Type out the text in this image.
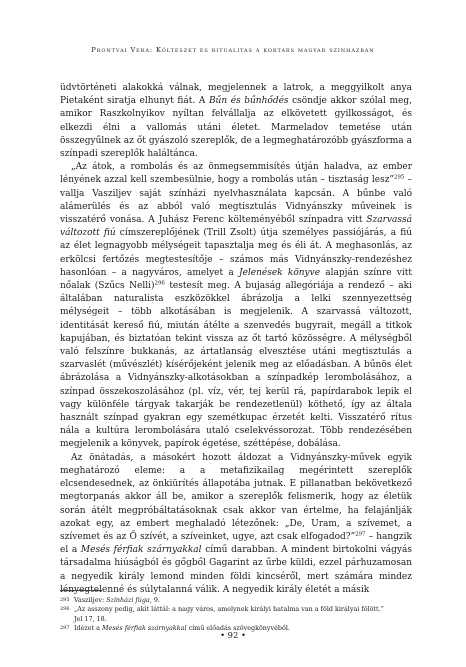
Prontvai Vera: Költészet és ritualitás a kortárs magyar színházban

üdvtörténeti alakokká válnak, megjelennek a latrok, a meggyilkolt anya Pietaként siratja elhunyt fiát. A Bűn és bűnhődés csöndje akkor szólal meg, amikor Raszkolnyikov nyíltan felvállalja az elkövetett gyilkosságot, és elkezdi élni a vallomás utáni életet. Marmeladov temetése után összegyűlnek az őt gyászoló szereplők, de a legmeghatározóbb gyászforma a színpadi szereplők haláltánca.

„Az átok, a rombolás és az önmegsemmisítés útján haladva, az ember lényének azzal kell szembesülnie, hogy a rombolás után – tisztaság lesz”$^{295}$ – vallja Vasziljev saját színházi nyelvhasználata kapcsán. A bűnbe való alámerülés és az abból való megtisztulás Vidnyánszky műveinek is visszatérő vonása. A Juhász Ferenc költeményéből színpadra vitt Szarvassá változott fiú címszereplőjének (Trill Zsolt) útja személyes passiójárás, a fiú az élet legnagyobb mélységeit tapasztalja meg és éli át. A meghasonlás, az erkölcsi fertőzés megtestesítője – számos más Vidnyánszky-rendezéshez hasonlóan – a nagyváros, amelyet a Jelenések könyve alapján színre vitt nőalak (Szűcs Nelli)$^{296}$ testesít meg. A bujaság allegóriája a rendező – aki általában naturalista eszközökkel ábrázolja a lelki szennyezettség mélységeit – több alkotásában is megjelenik. A szarvassá változott, identitását kereső fiú, miután átélte a szenvedés bugyrait, megáll a titkok kapujában, és biztatóan tekint vissza az őt tartó közösségre. A mélységből való felszínre bukkanás, az ártatlanság elvesztése utáni megtisztulás a szarvaslét (művészlét) kísérőjeként jelenik meg az előadásban. A bűnös élet ábrázolása a Vidnyánszky-alkotásokban a színpadkép lerombolásához, a színpad összekoszolásához (pl. víz, vér, tej kerül rá, papírdarabok lepik el vagy különféle tárgyak takarják be rendezetlenül) köthető, így az általa használt színpad gyakran egy szemétkupac érzetét kelti. Visszatérő rítus nála a kultúra lerombolására utaló cselekvéssorozat. Több rendezésében megjelenik a könyvek, papírok égetése, széttépése, dobálása.

Az önátadás, a másokért hozott áldozat a Vidnyánszky-művek egyik meghatározó eleme: a a metafizikailag megérintett szereplők elcsendesednek, az önkiürítés állapotába jutnak. E pillanatban bekövetkező megtorpanás akkor áll be, amikor a szereplők felismerik, hogy az életük során átélt megpróbáltatásoknak csak akkor van értelme, ha felajánlják azokat egy, az embert meghaladó létezőnek: „De, Uram, a szívemet, a szívemet és az Ő szívét, a szíveinket, ugye, azt csak elfogadod?”$^{297}$ – hangzik el a Mesés férfiak szárnyakkal című darabban. A mindent birtokolni vágyás társadalma hiúságból és gőgből Gagarint az űrbe küldi, ezzel párhuzamosan a negyedik király lemond minden földi kincséről, mert számára mindez lényegtelenné és súlytalanná válik. A negyedik király életét a másik

295 Vasziljev: Színházi fúga, 9.

296 „Az asszony pedig, akit láttál: a nagy város, amelynek királyi hatalma van a föld királyai fölött.”
Jel 17, 18.

297 Idézet a Mesés férfiak szárnyakkal című előadás szövegkönyvéből.

• 92 •
